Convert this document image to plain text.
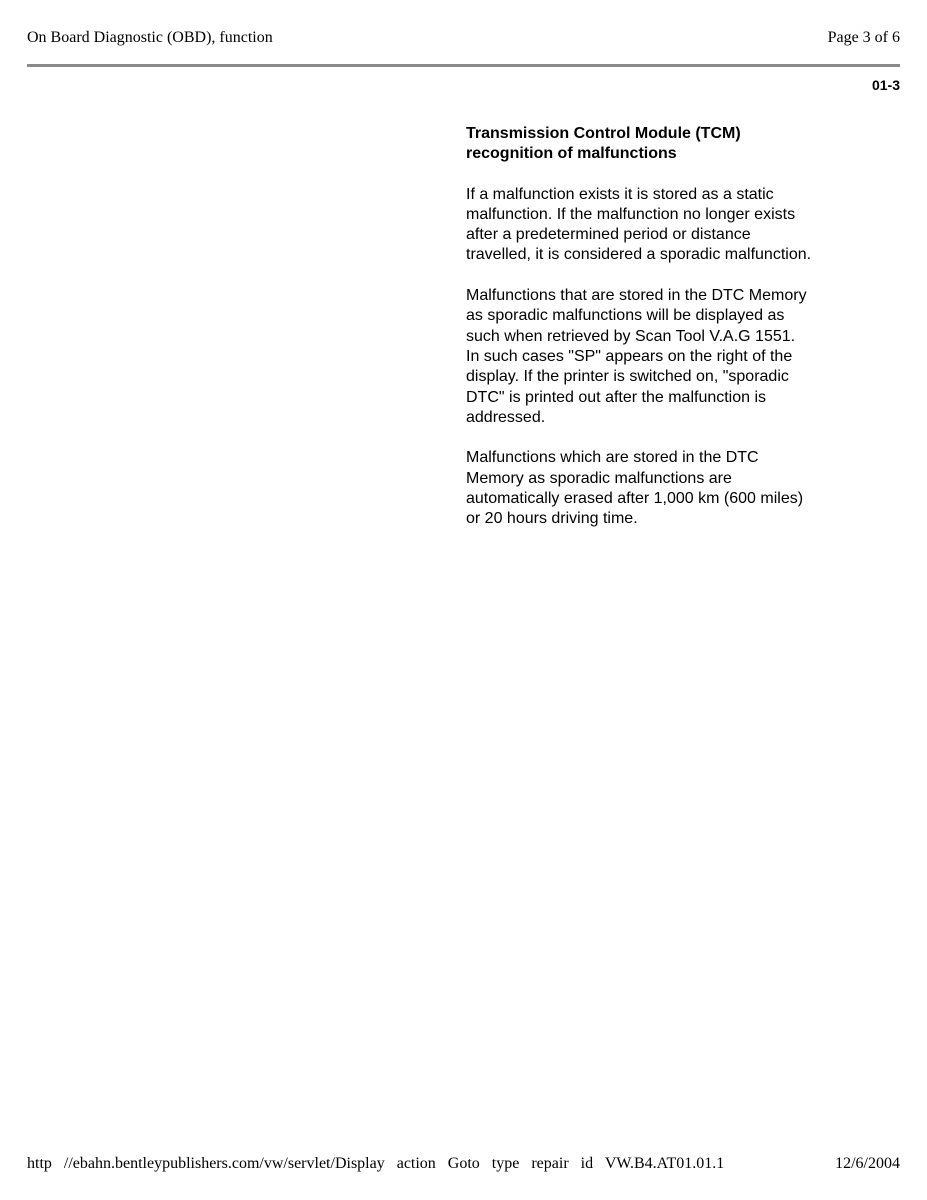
On Board Diagnostic (OBD), function	Page 3 of 6
01-3
Transmission Control Module (TCM)
recognition of malfunctions

If a malfunction exists it is stored as a static
malfunction. If the malfunction no longer exists
after a predetermined period or distance
travelled, it is considered a sporadic malfunction.

Malfunctions that are stored in the DTC Memory
as sporadic malfunctions will be displayed as
such when retrieved by Scan Tool V.A.G 1551.
In such cases "SP" appears on the right of the
display. If the printer is switched on, "sporadic
DTC" is printed out after the malfunction is
addressed.

Malfunctions which are stored in the DTC
Memory as sporadic malfunctions are
automatically erased after 1,000 km (600 miles)
or 20 hours driving time.

http //ebahn.bentleypublishers.com/vw/servlet/Display action Goto type repair id VW.B4.AT01.01.1	12/6/2004
